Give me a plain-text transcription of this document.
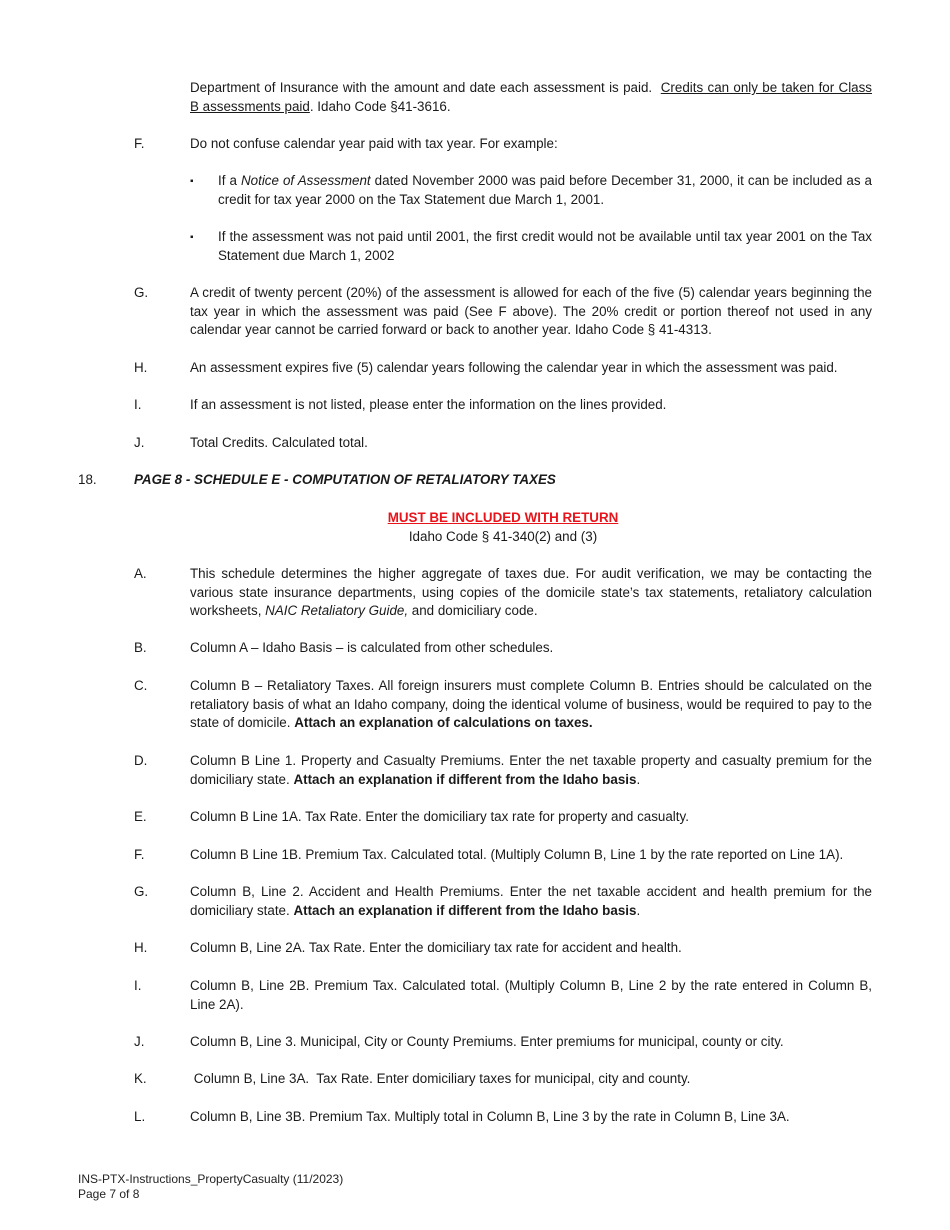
Department of Insurance with the amount and date each assessment is paid. Credits can only be taken for Class B assessments paid. Idaho Code §41-3616.
F.	Do not confuse calendar year paid with tax year. For example:
▪ If a Notice of Assessment dated November 2000 was paid before December 31, 2000, it can be included as a credit for tax year 2000 on the Tax Statement due March 1, 2001.
▪ If the assessment was not paid until 2001, the first credit would not be available until tax year 2001 on the Tax Statement due March 1, 2002
G.	A credit of twenty percent (20%) of the assessment is allowed for each of the five (5) calendar years beginning the tax year in which the assessment was paid (See F above). The 20% credit or portion thereof not used in any calendar year cannot be carried forward or back to another year. Idaho Code § 41-4313.
H.	An assessment expires five (5) calendar years following the calendar year in which the assessment was paid.
I.	If an assessment is not listed, please enter the information on the lines provided.
J.	Total Credits. Calculated total.
18.	PAGE 8 - SCHEDULE E - COMPUTATION OF RETALIATORY TAXES
MUST BE INCLUDED WITH RETURN
Idaho Code § 41-340(2) and (3)
A.	This schedule determines the higher aggregate of taxes due. For audit verification, we may be contacting the various state insurance departments, using copies of the domicile state’s tax statements, retaliatory calculation worksheets, NAIC Retaliatory Guide, and domiciliary code.
B.	Column A – Idaho Basis – is calculated from other schedules.
C.	Column B – Retaliatory Taxes. All foreign insurers must complete Column B. Entries should be calculated on the retaliatory basis of what an Idaho company, doing the identical volume of business, would be required to pay to the state of domicile. Attach an explanation of calculations on taxes.
D.	Column B Line 1. Property and Casualty Premiums. Enter the net taxable property and casualty premium for the domiciliary state. Attach an explanation if different from the Idaho basis.
E.	Column B Line 1A. Tax Rate. Enter the domiciliary tax rate for property and casualty.
F.	Column B Line 1B. Premium Tax. Calculated total. (Multiply Column B, Line 1 by the rate reported on Line 1A).
G.	Column B, Line 2. Accident and Health Premiums. Enter the net taxable accident and health premium for the domiciliary state. Attach an explanation if different from the Idaho basis.
H.	Column B, Line 2A. Tax Rate. Enter the domiciliary tax rate for accident and health.
I.	Column B, Line 2B. Premium Tax. Calculated total. (Multiply Column B, Line 2 by the rate entered in Column B, Line 2A).
J.	Column B, Line 3. Municipal, City or County Premiums. Enter premiums for municipal, county or city.
K.	Column B, Line 3A.  Tax Rate. Enter domiciliary taxes for municipal, city and county.
L.	Column B, Line 3B. Premium Tax. Multiply total in Column B, Line 3 by the rate in Column B, Line 3A.
INS-PTX-Instructions_PropertyCasualty (11/2023)
Page 7 of 8
